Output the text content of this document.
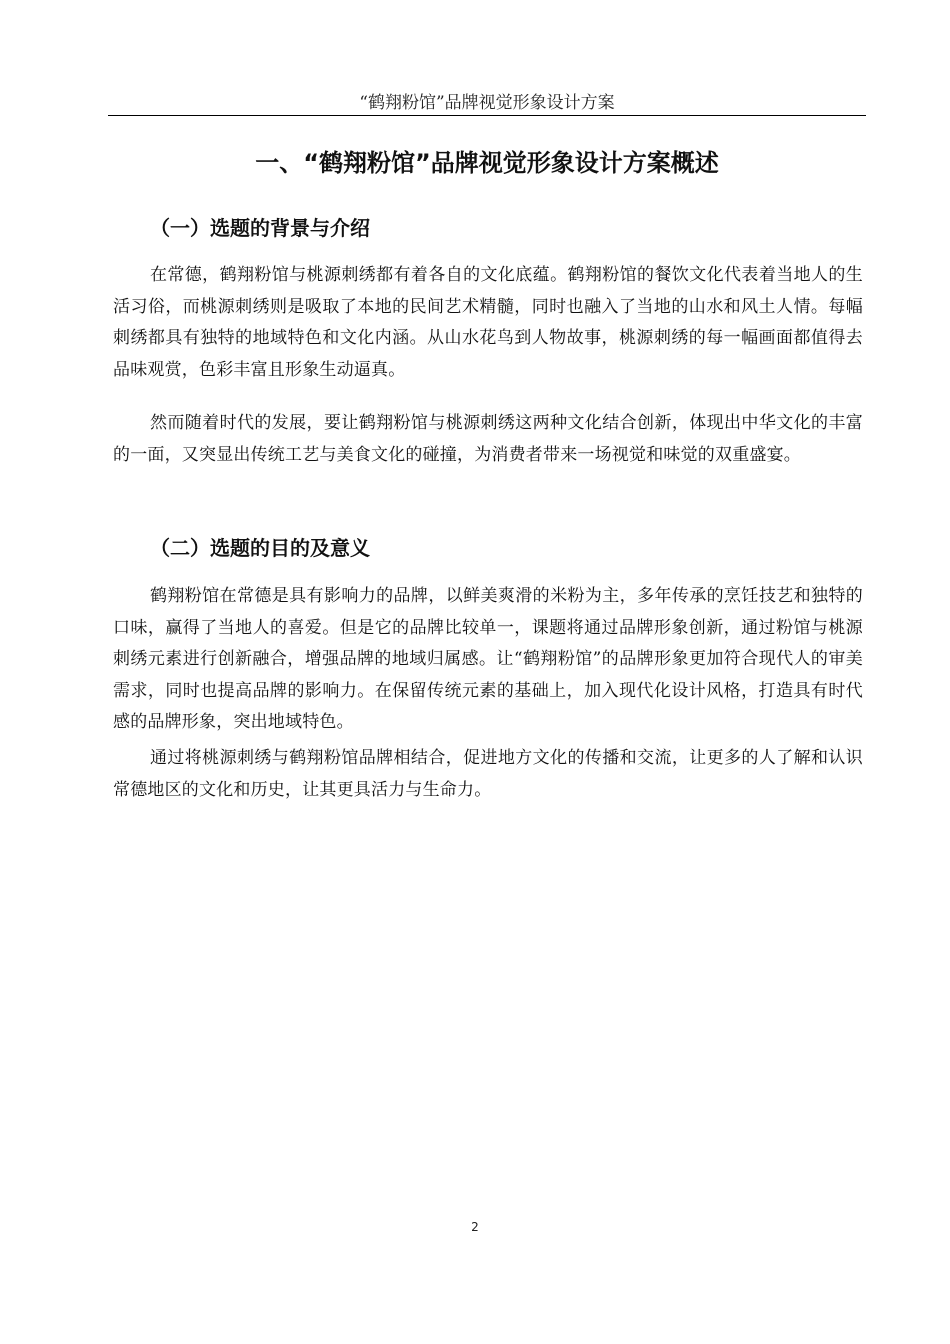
“鹤翔粉馆”品牌视觉形象设计方案
一、“鹤翔粉馆”品牌视觉形象设计方案概述
（一）选题的背景与介绍

在常德，鹤翔粉馆与桃源刺绣都有着各自的文化底蕴。鹤翔粉馆的餐饮文化代表着当地人的生活习俗，而桃源刺绣则是吸取了本地的民间艺术精髓，同时也融入了当地的山水和风土人情。每幅刺绣都具有独特的地域特色和文化内涵。从山水花鸟到人物故事，桃源刺绣的每一幅画面都值得去品味观赏，色彩丰富且形象生动逼真。

然而随着时代的发展，要让鹤翔粉馆与桃源刺绣这两种文化结合创新，体现出中华文化的丰富的一面，又突显出传统工艺与美食文化的碰撞，为消费者带来一场视觉和味觉的双重盛宴。

（二）选题的目的及意义

鹤翔粉馆在常德是具有影响力的品牌，以鲜美爽滑的米粉为主，多年传承的烹饪技艺和独特的口味，赢得了当地人的喜爱。但是它的品牌比较单一，课题将通过品牌形象创新，通过粉馆与桃源刺绣元素进行创新融合，增强品牌的地域归属感。让“鹤翔粉馆”的品牌形象更加符合现代人的审美需求，同时也提高品牌的影响力。在保留传统元素的基础上，加入现代化设计风格，打造具有时代感的品牌形象，突出地域特色。

通过将桃源刺绣与鹤翔粉馆品牌相结合，促进地方文化的传播和交流，让更多的人了解和认识常德地区的文化和历史，让其更具活力与生命力。

2
